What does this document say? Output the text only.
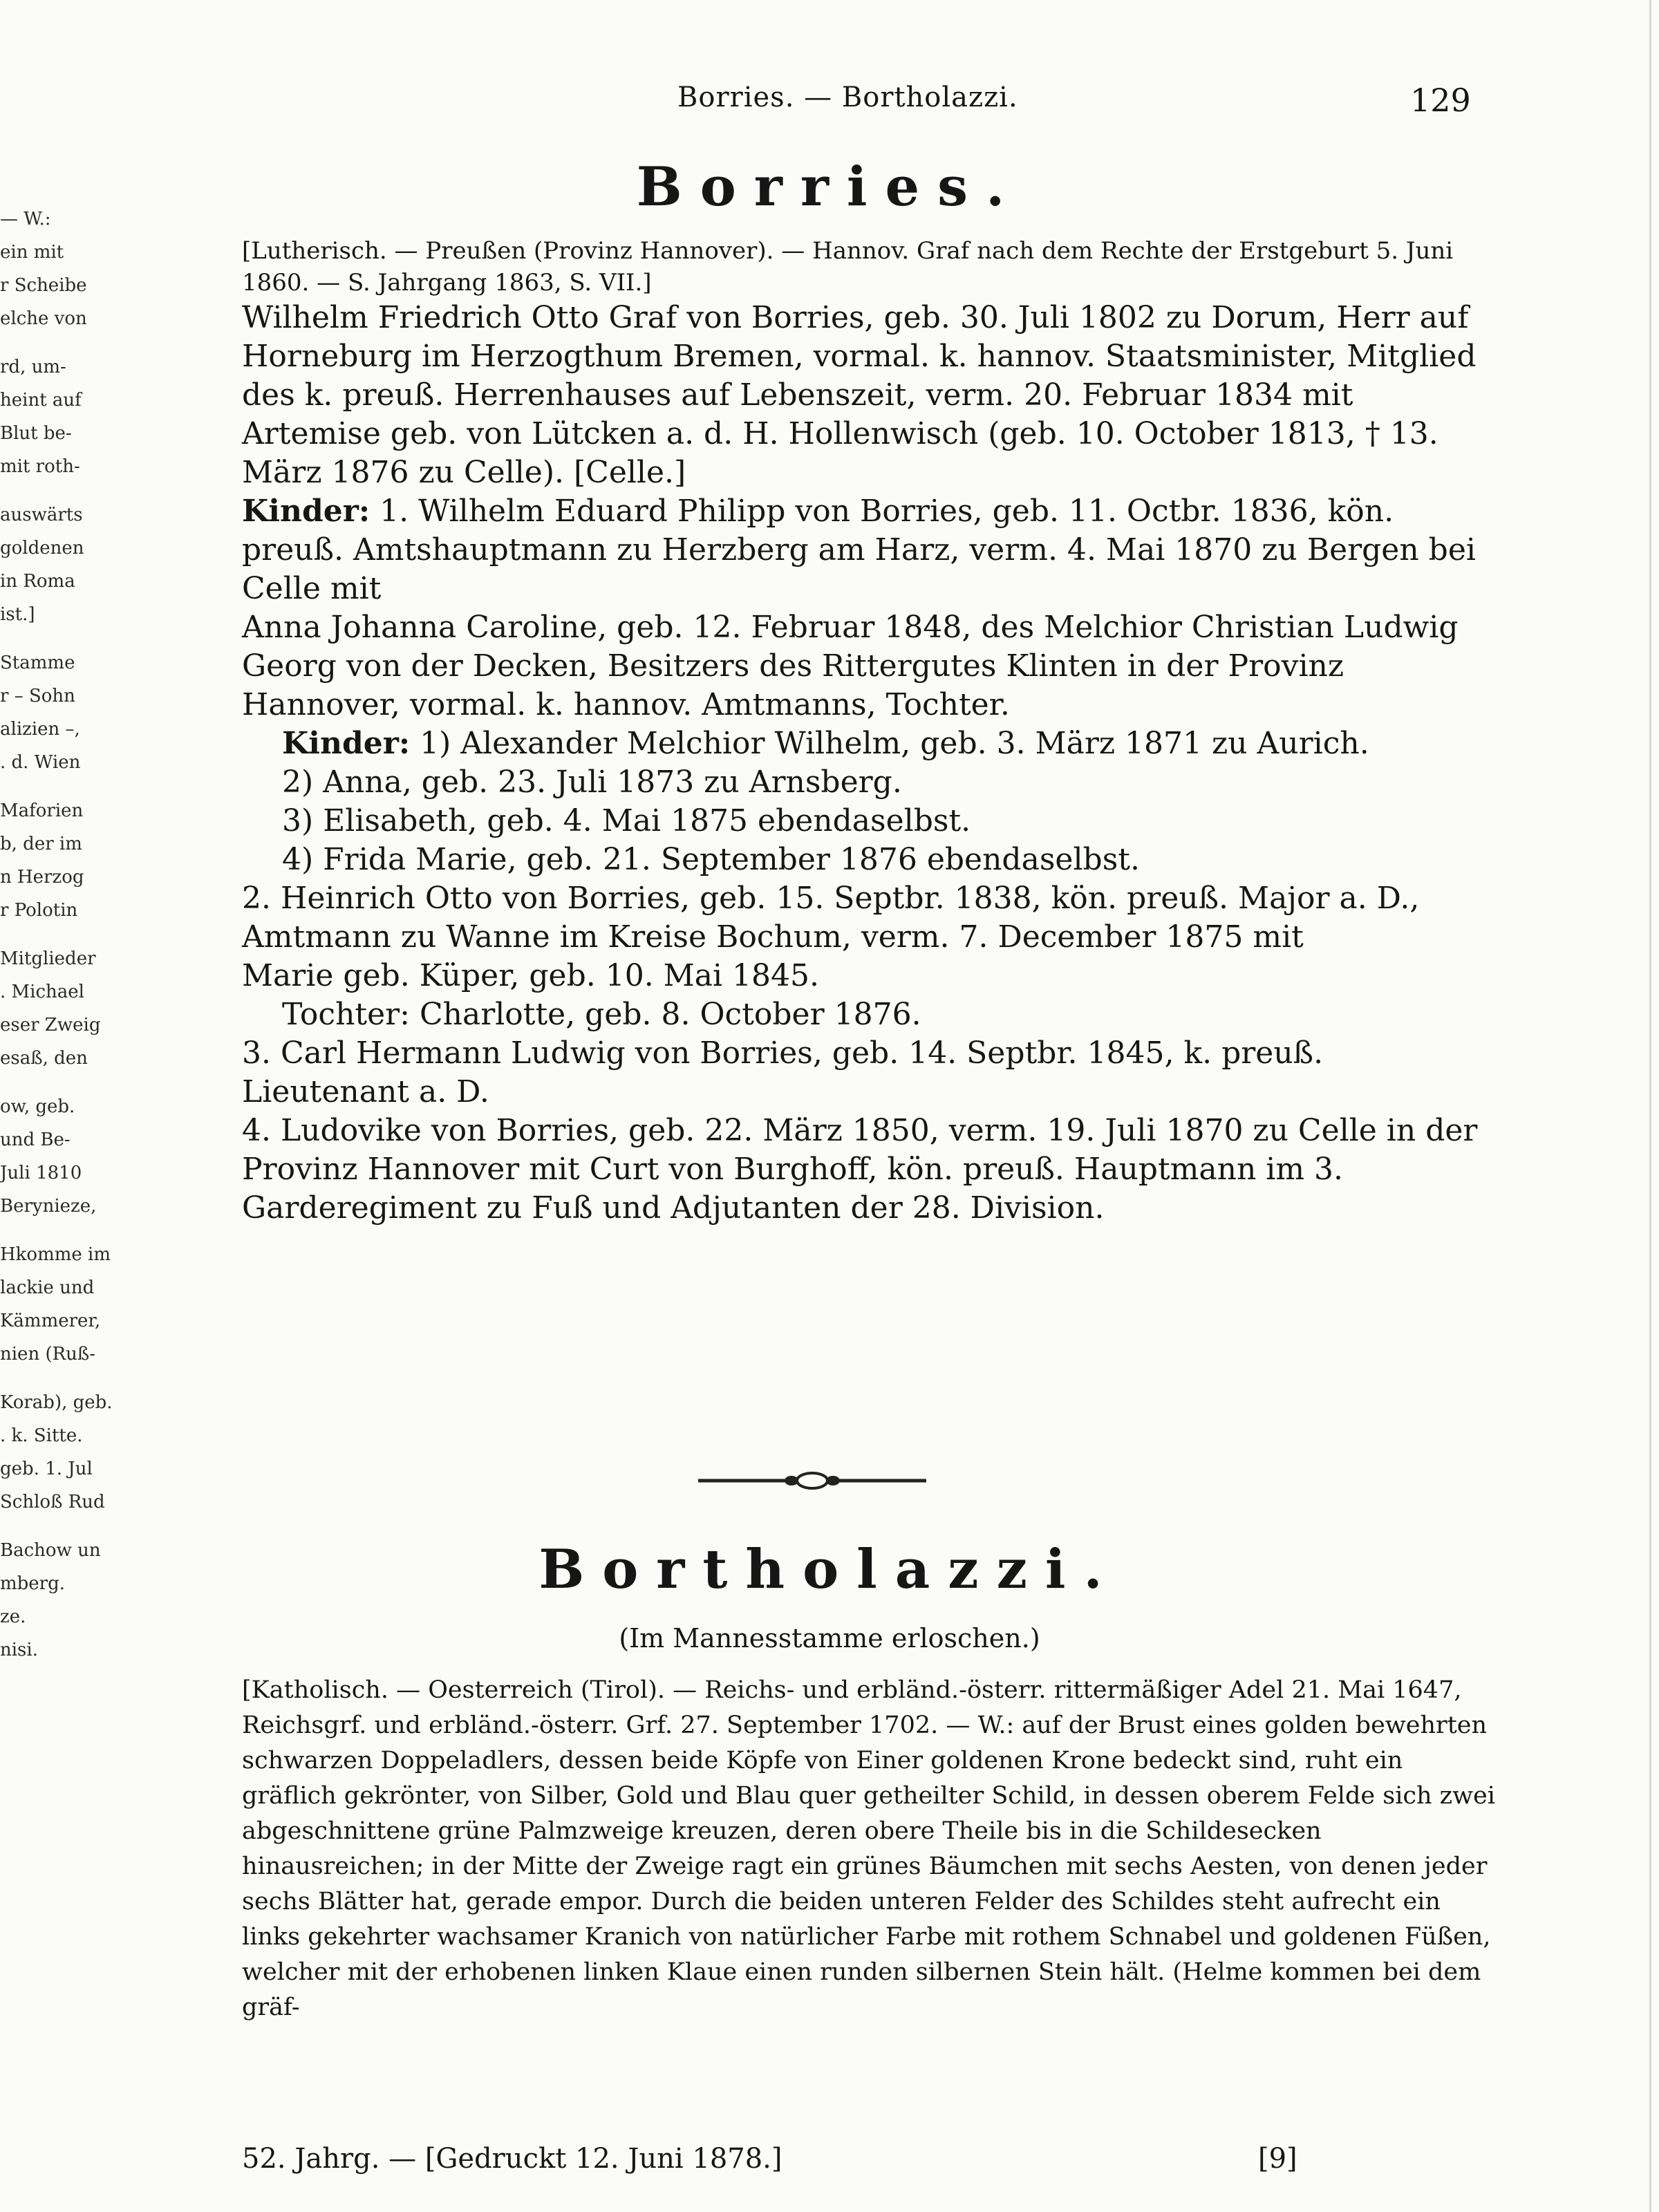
— W.:
ein mit
r Scheibe
elche von
rd, um-
heint auf
Blut be-
mit roth-
auswärts
goldenen
in Roma
ist.]
Stamme
r – Sohn
alizien –,
. d. Wien
Maforien
b, der im
n Herzog
r Polotin
Mitglieder
. Michael
eser Zweig
esaß, den
ow, geb.
und Be-
Juli 1810
Berynieze,
Hkomme im
lackie und
Kämmerer,
nien (Ruß-
Korab), geb.
. k. Sitte.
geb. 1. Jul
Schloß Rud
Bachow un
mberg.
ze.
nisi.
Borries. — Bortholazzi.	129
Borries.

[Lutherisch. — Preußen (Provinz Hannover). — Hannov. Graf nach dem Rechte der Erstgeburt 5. Juni 1860. — S. Jahrgang 1863, S. VII.]

Wilhelm Friedrich Otto Graf von Borries, geb. 30. Juli 1802 zu Dorum, Herr auf Horneburg im Herzogthum Bremen, vormal. k. hannov. Staatsminister, Mitglied des k. preuß. Herrenhauses auf Lebenszeit, verm. 20. Februar 1834 mit Artemise geb. von Lütcken a. d. H. Hollenwisch (geb. 10. October 1813, † 13. März 1876 zu Celle). [Celle.]

Kinder: 1. Wilhelm Eduard Philipp von Borries, geb. 11. Octbr. 1836, kön. preuß. Amtshauptmann zu Herzberg am Harz, verm. 4. Mai 1870 zu Bergen bei Celle mit

Anna Johanna Caroline, geb. 12. Februar 1848, des Melchior Christian Ludwig Georg von der Decken, Besitzers des Rittergutes Klinten in der Provinz Hannover, vormal. k. hannov. Amtmanns, Tochter.

Kinder: 1) Alexander Melchior Wilhelm, geb. 3. März 1871 zu Aurich.

2) Anna, geb. 23. Juli 1873 zu Arnsberg.

3) Elisabeth, geb. 4. Mai 1875 ebendaselbst.

4) Frida Marie, geb. 21. September 1876 ebendaselbst.

2. Heinrich Otto von Borries, geb. 15. Septbr. 1838, kön. preuß. Major a. D., Amtmann zu Wanne im Kreise Bochum, verm. 7. December 1875 mit

Marie geb. Küper, geb. 10. Mai 1845.

Tochter: Charlotte, geb. 8. October 1876.

3. Carl Hermann Ludwig von Borries, geb. 14. Septbr. 1845, k. preuß. Lieutenant a. D.

4. Ludovike von Borries, geb. 22. März 1850, verm. 19. Juli 1870 zu Celle in der Provinz Hannover mit Curt von Burghoff, kön. preuß. Hauptmann im 3. Garderegiment zu Fuß und Adjutanten der 28. Division.

Bortholazzi.
(Im Mannesstamme erloschen.)

[Katholisch. — Oesterreich (Tirol). — Reichs- und erbländ.-österr. rittermäßiger Adel 21. Mai 1647, Reichsgrf. und erbländ.-österr. Grf. 27. September 1702. — W.: auf der Brust eines golden bewehrten schwarzen Doppeladlers, dessen beide Köpfe von Einer goldenen Krone bedeckt sind, ruht ein gräflich gekrönter, von Silber, Gold und Blau quer getheilter Schild, in dessen oberem Felde sich zwei abgeschnittene grüne Palmzweige kreuzen, deren obere Theile bis in die Schildesecken hinausreichen; in der Mitte der Zweige ragt ein grünes Bäumchen mit sechs Aesten, von denen jeder sechs Blätter hat, gerade empor. Durch die beiden unteren Felder des Schildes steht aufrecht ein links gekehrter wachsamer Kranich von natürlicher Farbe mit rothem Schnabel und goldenen Füßen, welcher mit der erhobenen linken Klaue einen runden silbernen Stein hält. (Helme kommen bei dem gräf-

52. Jahrg. — [Gedruckt 12. Juni 1878.]	[9]
